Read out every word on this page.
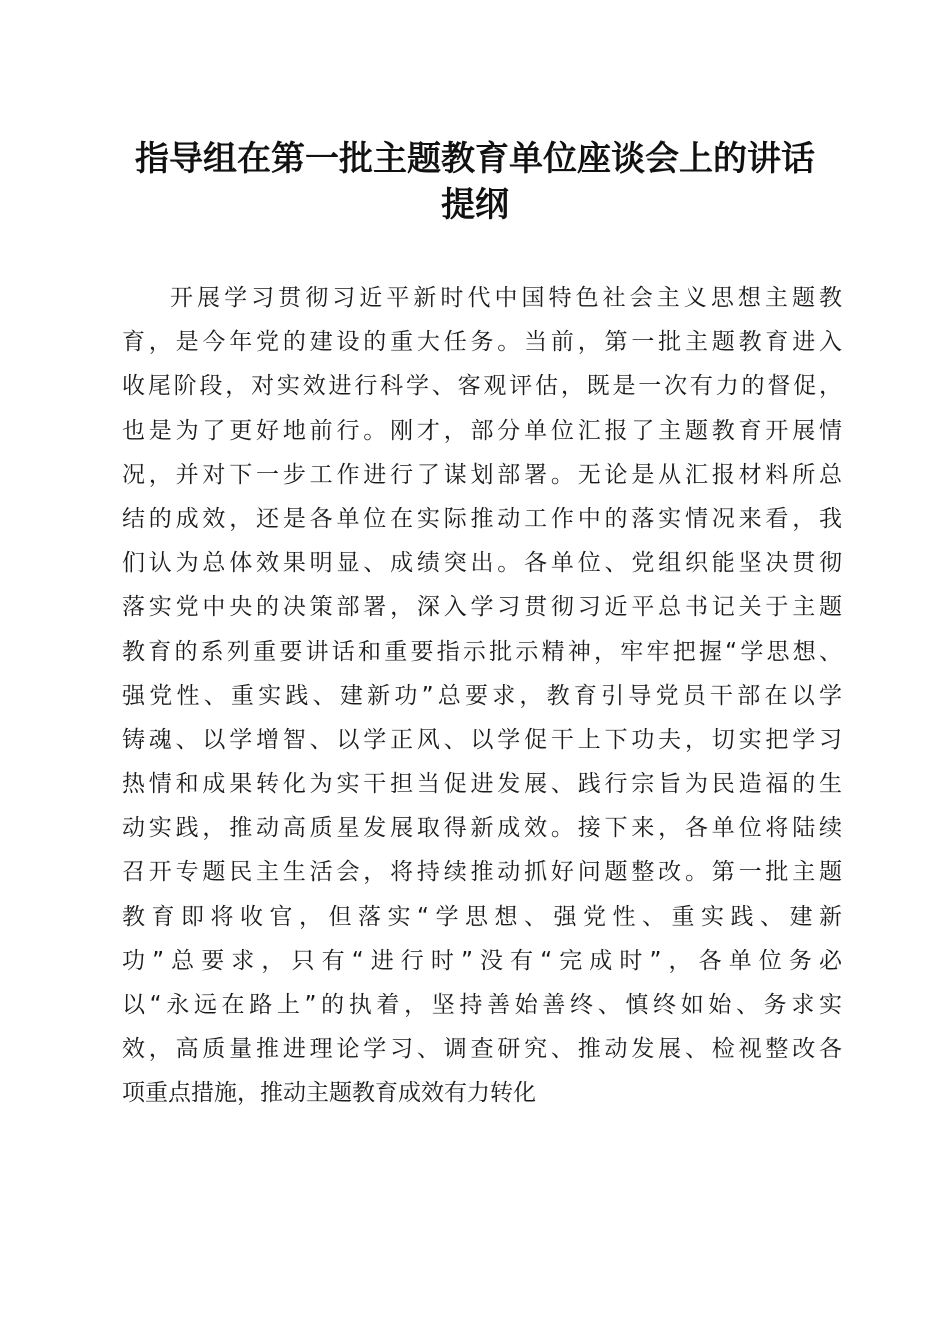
指导组在第一批主题教育单位座谈会上的讲话
提纲
开展学习贯彻习近平新时代中国特色社会主义思想主题教
育，是今年党的建设的重大任务。当前，第一批主题教育进入
收尾阶段，对实效进行科学、客观评估，既是一次有力的督促，
也是为了更好地前行。刚才，部分单位汇报了主题教育开展情
况，并对下一步工作进行了谋划部署。无论是从汇报材料所总
结的成效，还是各单位在实际推动工作中的落实情况来看，我
们认为总体效果明显、成绩突出。各单位、党组织能坚决贯彻
落实党中央的决策部署，深入学习贯彻习近平总书记关于主题
教育的系列重要讲话和重要指示批示精神，牢牢把握“学思想、
强党性、重实践、建新功”总要求，教育引导党员干部在以学
铸魂、以学增智、以学正风、以学促干上下功夫，切实把学习
热情和成果转化为实干担当促进发展、践行宗旨为民造福的生
动实践，推动高质星发展取得新成效。接下来，各单位将陆续
召开专题民主生活会，将持续推动抓好问题整改。第一批主题
教育即将收官，但落实“学思想、强党性、重实践、建新
功”总要求，只有“进行时”没有“完成时”，各单位务必
以“永远在路上”的执着，坚持善始善终、慎终如始、务求实
效，高质量推进理论学习、调查研究、推动发展、检视整改各
项重点措施，推动主题教育成效有力转化
